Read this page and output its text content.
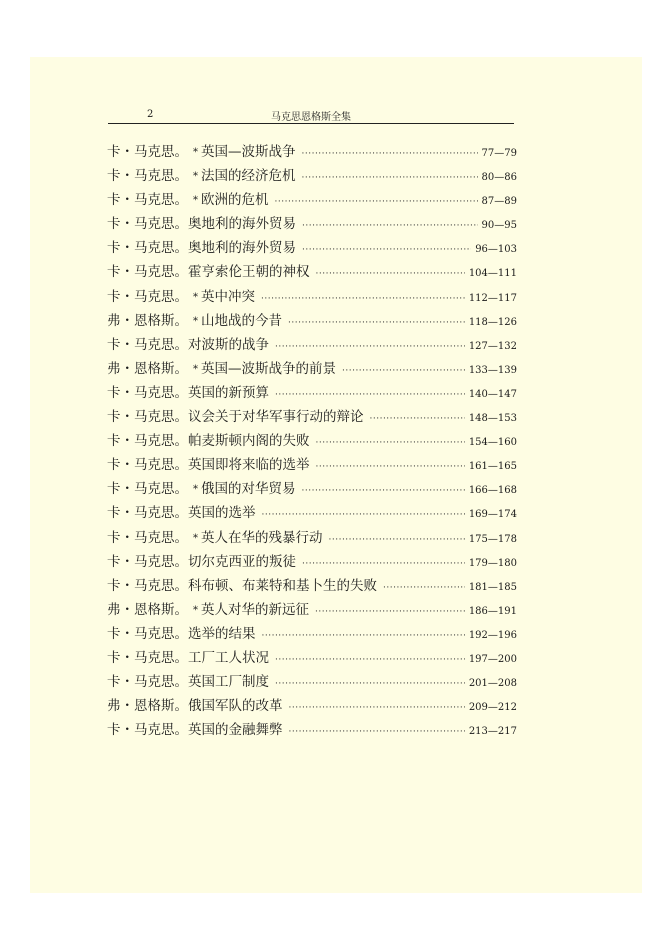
2	马克思恩格斯全集
卡・马克思。 * 英国—波斯战争 ·····	77—79
卡・马克思。 * 法国的经济危机 ·····	80—86
卡・马克思。 * 欧洲的危机 ·····	87—89
卡・马克思。 奥地利的海外贸易 ·····	90—95
卡・马克思。 奥地利的海外贸易 ·····	96—103
卡・马克思。 霍亨索伦王朝的神权 ·····	104—111
卡・马克思。 * 英中冲突 ·····	112—117
弗・恩格斯。 * 山地战的今昔 ·····	118—126
卡・马克思。 对波斯的战争 ·····	127—132
弗・恩格斯。 * 英国—波斯战争的前景 ·····	133—139
卡・马克思。 英国的新预算 ·····	140—147
卡・马克思。 议会关于对华军事行动的辩论 ·····	148—153
卡・马克思。 帕麦斯顿内阁的失败 ·····	154—160
卡・马克思。 英国即将来临的选举 ·····	161—165
卡・马克思。 * 俄国的对华贸易 ·····	166—168
卡・马克思。 英国的选举 ·····	169—174
卡・马克思。 * 英人在华的残暴行动 ·····	175—178
卡・马克思。 切尔克西亚的叛徒 ·····	179—180
卡・马克思。 科布顿、布莱特和基卜生的失败 ·····	181—185
弗・恩格斯。 * 英人对华的新远征 ·····	186—191
卡・马克思。 选举的结果 ·····	192—196
卡・马克思。 工厂工人状况 ·····	197—200
卡・马克思。 英国工厂制度 ·····	201—208
弗・恩格斯。 俄国军队的改革 ·····	209—212
卡・马克思。 英国的金融舞弊 ·····	213—217
